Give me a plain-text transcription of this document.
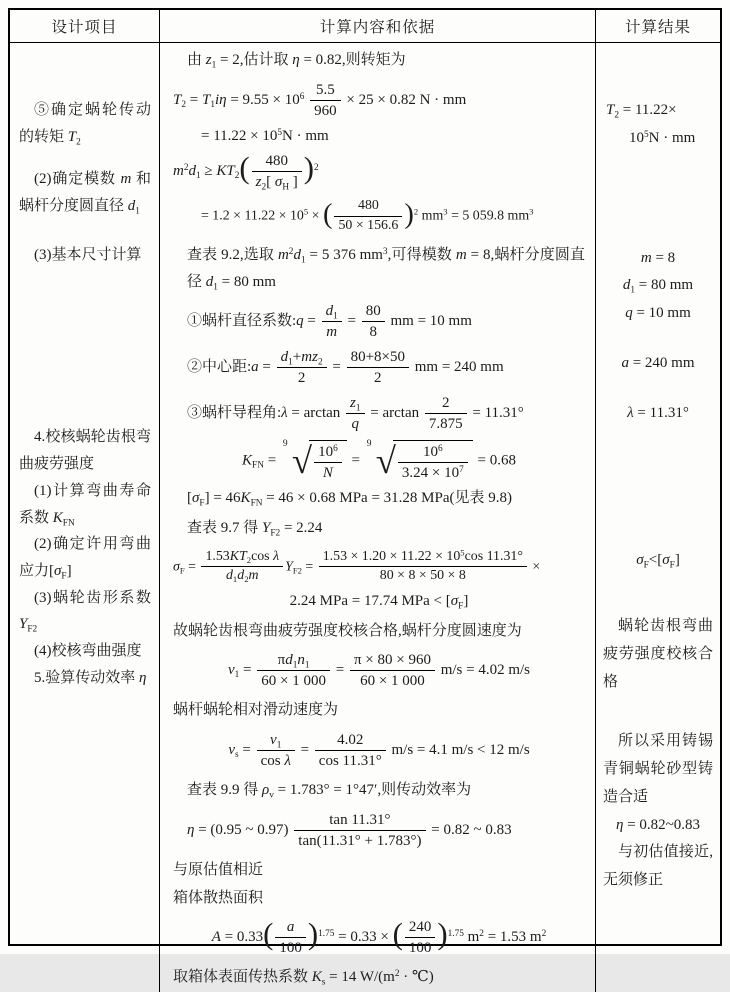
设计项目	计算内容和依据	计算结果

⑤确定蜗轮传动的转矩 $T_2$

(2)确定模数 m 和蜗杆分度圆直径 $d_1$

(3)基本尺寸计算

4.校核蜗轮齿根弯曲疲劳强度

(1)计算弯曲寿命系数 $K_{FN}$

(2)确定许用弯曲应力$[\sigma_F]$

(3)蜗轮齿形系数 $Y_{F2}$

(4)校核弯曲强度

5.验算传动效率 η

由 $z_1 = 2$,估计取 η = 0.82,则转矩为
$T_2 = T_1i\eta = 9.55 \times 10^6 \frac{5.5}{960} \times 25 \times 0.82$ N · mm
= $11.22 \times 10^5N$ · mm
$m^2d_1 \ge KT_2( \frac{480}{z_2[ \sigma_H ]} )^2$
= $1.2 \times 11.22 \times 10^5$ × ( $\frac{480}{50 \times 156.6} )^2$ $mm^3 = 5$ 059.8 $mm^3$
查表 9.2,选取 $m^2d_1 = 5$ 376 $mm^3$,可得模数 m = 8,蜗杆分度圆直径 $d_1 = 80$ mm
①蜗杆直径系数:q = $\frac{d_1}{m} = \frac{80}{8}$ mm = 10 mm
②中心距:a = $\frac{d_1+mz_2}{2} = \frac{80+8\times 50}{2}$ mm = 240 mm
③蜗杆导程角:λ = $\arctan \frac{z_1}{q} = \arctan \frac{2}{7.875} = 11.31^\circ$
$K_{FN}$ =
9 √ $\frac{10^6}{N}$ =
9 √ $\frac{10^6}{3.24 \times 10^7} = 0.68$
$[\sigma_F] = 46K_{FN} = 46 \times 0.68$ MPa = 31.28 MPa(见表 9.8)
查表 9.7 得 $Y_{F2} = 2.24$
$\sigma_F = \frac{1.53KT_2\cos \lambda}{d_1d_2m} Y_{F2} = \frac{1.53 \times 1.20 \times 11.22 \times 10^5\cos 11.31^\circ}{80 \times 8 \times 50 \times 8}$ ×
2.24 MPa = 17.74 MPa < $[\sigma_F]$
故蜗轮齿根弯曲疲劳强度校核合格,蜗杆分度圆速度为
$v_1 = \frac{\pi d_1n_1}{60 \times 1 000} = \frac{\pi \times 80 \times 960}{60 \times 1 000} m/s = 4.02$ m/s
蜗杆蜗轮相对滑动速度为
$v_s = \frac{v_1}{\text{cos λ}} = \frac{4.02}{\cos 11.31^\circ} m/s = 4.1$ m/s < 12 m/s
查表 9.9 得 $\rho_v = 1.783^\circ = 1^\circ 47'$,则传动效率为
η = (0.95 ~ $0.97) \frac{\tan 11.31^\circ}{\tan(11.31^\circ + 1.783^\circ)} = 0.82$ ~ 0.83
与原估值相近
箱体散热面积
$A = 0.33( \frac{a}{100} )^{1.75} = 0.33$ × ( $\frac{240}{100} )^{1.75}$ $m^2 = 1.53$ $m^2$
取箱体表面传热系数 $K_s = 14$ $W/(m^2$ · ℃)
$T_2 = 11.22\times$
$10^5N$ · mm
m = 8
$d_1 = 80$ mm
q = 10 mm
a = 240 mm
λ = 11.31°
$\sigma_F<[\sigma_F]$

蜗轮齿根弯曲疲劳强度校核合格

所以采用铸锡青铜蜗轮砂型铸造合适

η = 0.82~0.83

与初估值接近,无须修正
